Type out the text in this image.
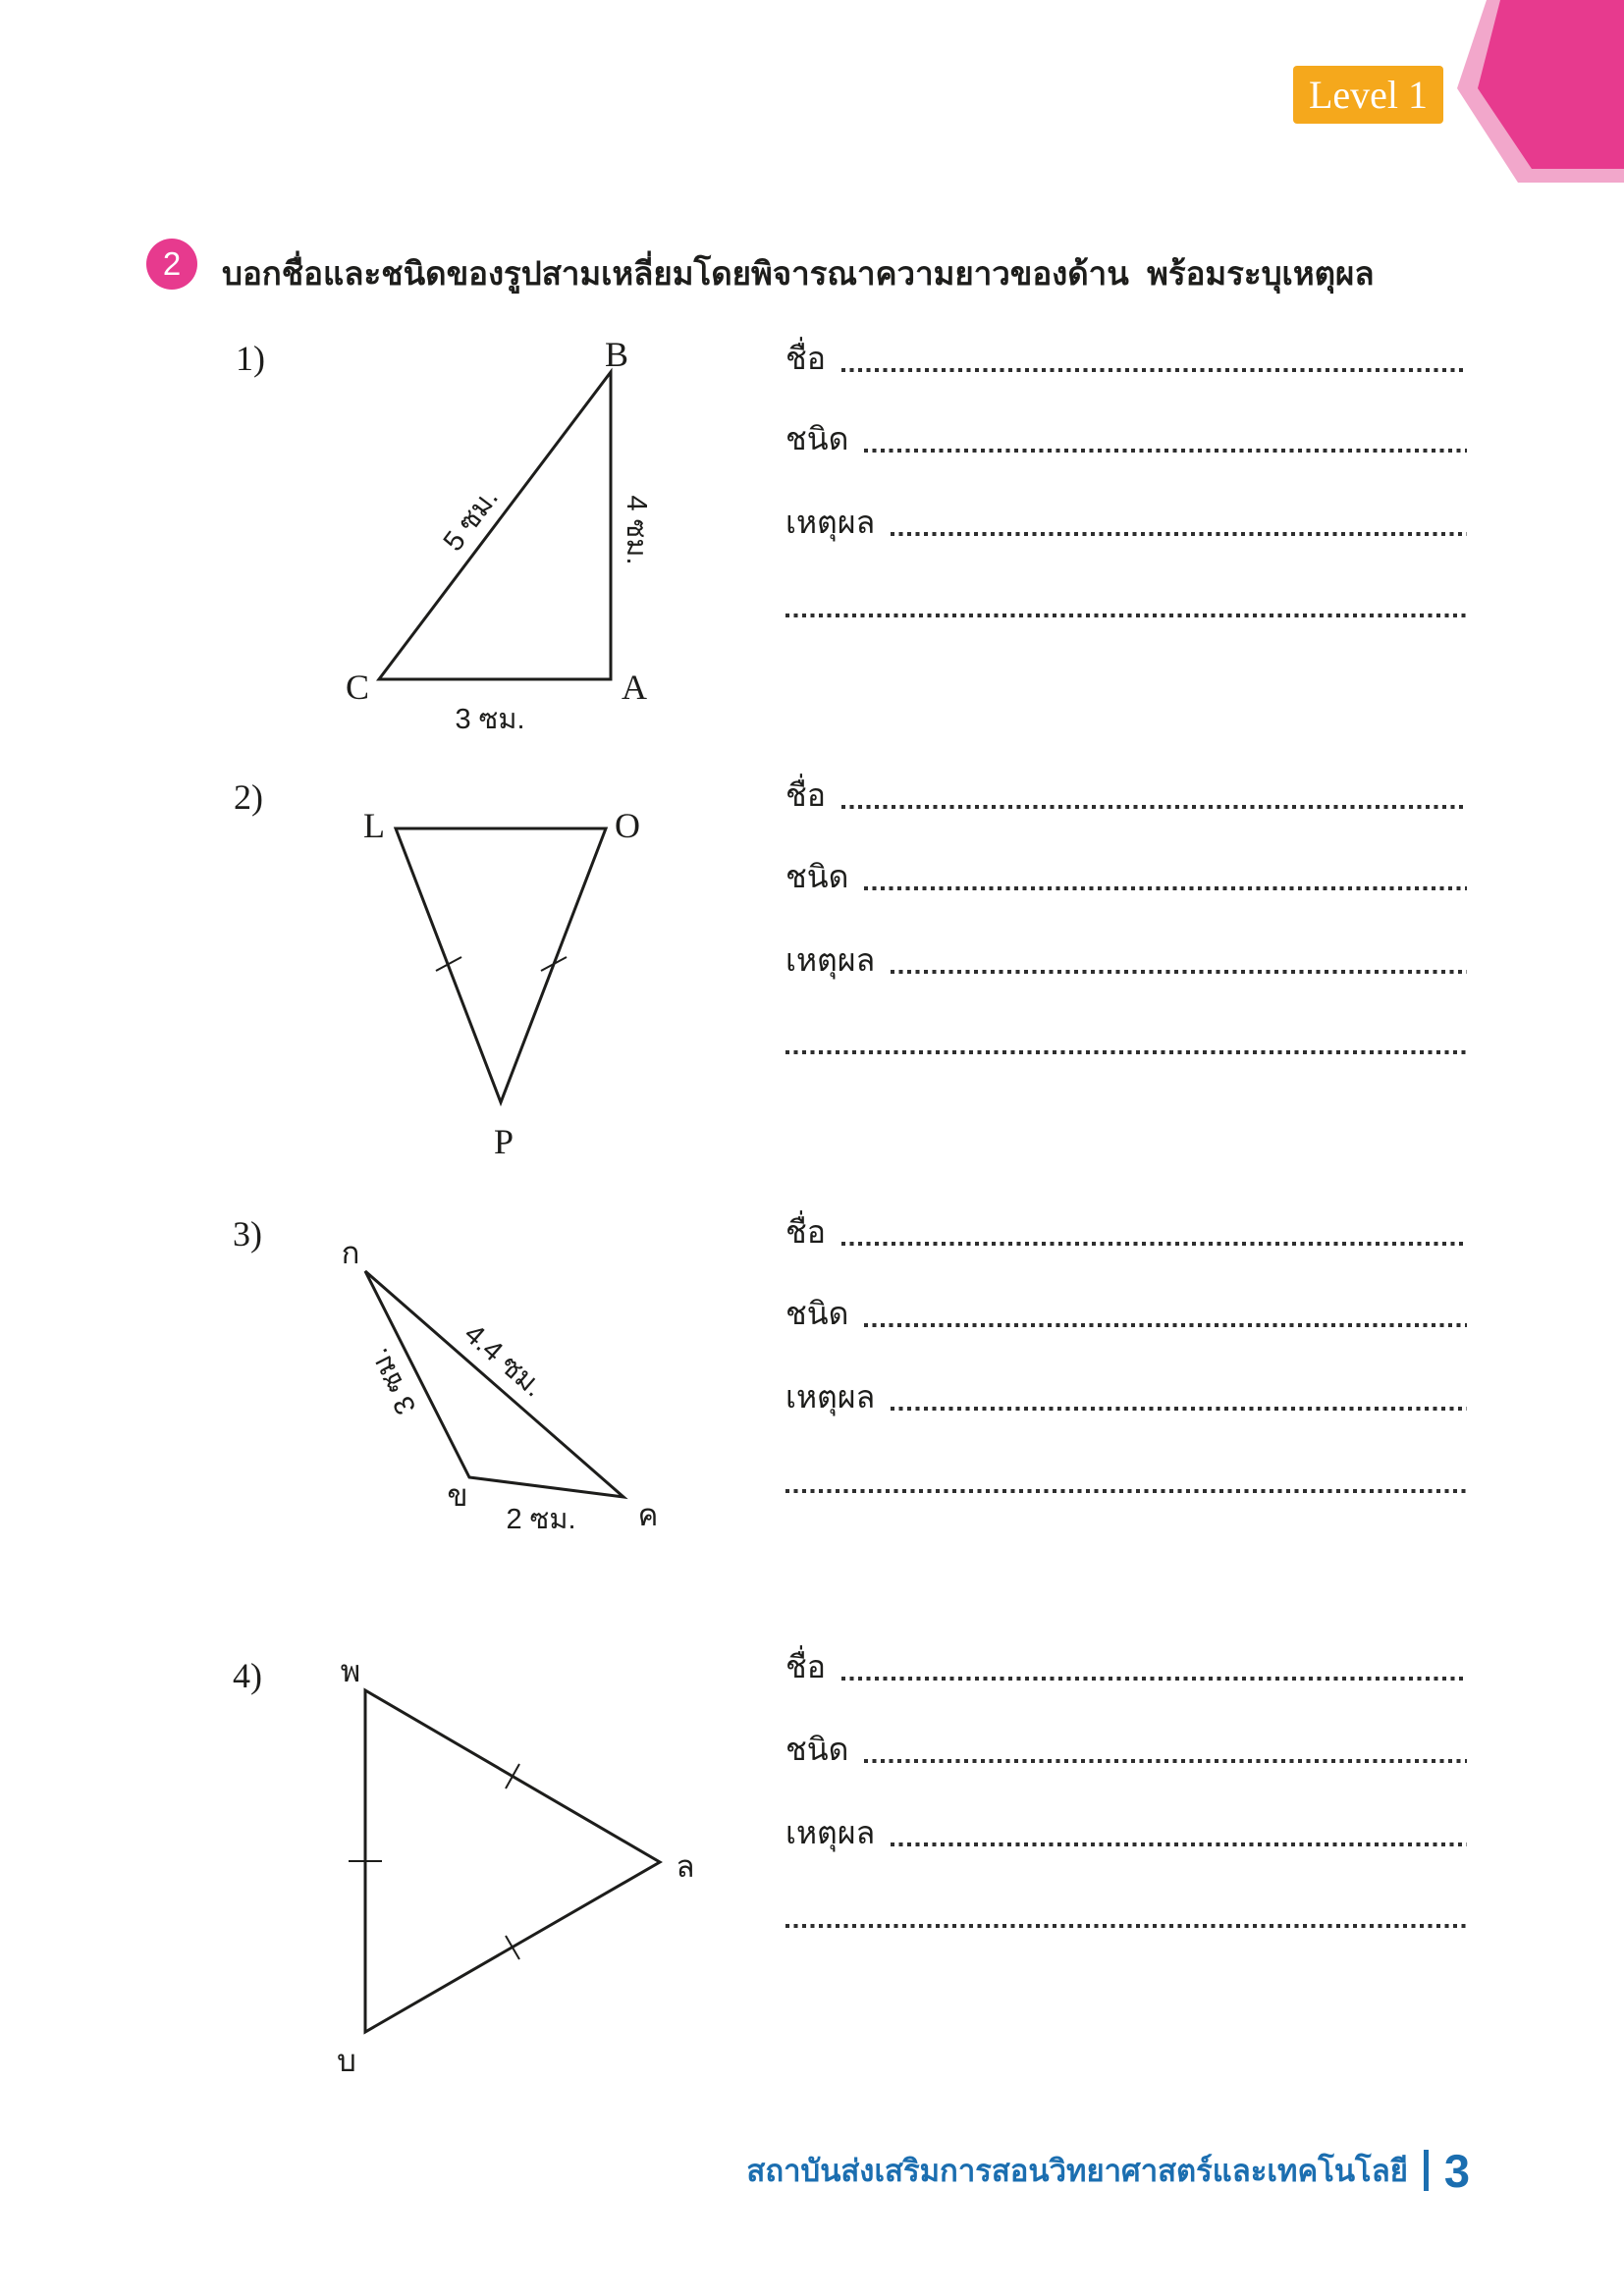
Level 1
2 บอกชื่อและชนิดของรูปสามเหลี่ยมโดยพิจารณาความยาวของด้าน  พร้อมระบุเหตุผล
1)	B
C	A
5 ซม.	4 ซม.
3 ซม.
ชื่อ
ชนิด
เหตุผล
2)
L	O
P
ชื่อ
ชนิด
เหตุผล
3)	ก
ข
ค
4.4 ซม.
3 ซม.
2 ซม.
ชื่อ
ชนิด
เหตุผล
4)	พ
บ
ล
ชื่อ
ชนิด
เหตุผล
สถาบันส่งเสริมการสอนวิทยาศาสตร์และเทคโนโลยี 3
